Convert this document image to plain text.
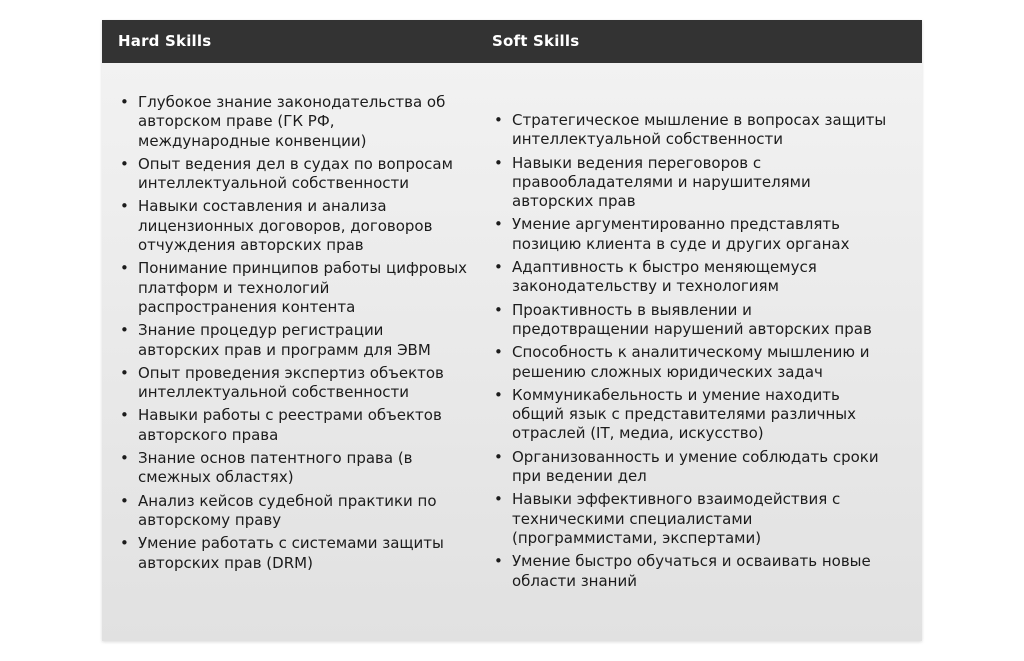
Hard Skills	Soft Skills
• Глубокое знание законодательства об авторском праве (ГК РФ, международные конвенции)
• Опыт ведения дел в судах по вопросам интеллектуальной собственности
• Навыки составления и анализа лицензионных договоров, договоров отчуждения авторских прав
• Понимание принципов работы цифровых платформ и технологий распространения контента
• Знание процедур регистрации авторских прав и программ для ЭВМ
• Опыт проведения экспертиз объектов интеллектуальной собственности
• Навыки работы с реестрами объектов авторского права
• Знание основ патентного права (в смежных областях)
• Анализ кейсов судебной практики по авторскому праву
• Умение работать с системами защиты авторских прав (DRM)
• Стратегическое мышление в вопросах защиты интеллектуальной собственности
• Навыки ведения переговоров с правообладателями и нарушителями авторских прав
• Умение аргументированно представлять позицию клиента в суде и других органах
• Адаптивность к быстро меняющемуся законодательству и технологиям
• Проактивность в выявлении и предотвращении нарушений авторских прав
• Способность к аналитическому мышлению и решению сложных юридических задач
• Коммуникабельность и умение находить общий язык с представителями различных отраслей (IT, медиа, искусство)
• Организованность и умение соблюдать сроки при ведении дел
• Навыки эффективного взаимодействия с техническими специалистами (программистами, экспертами)
• Умение быстро обучаться и осваивать новые области знаний
